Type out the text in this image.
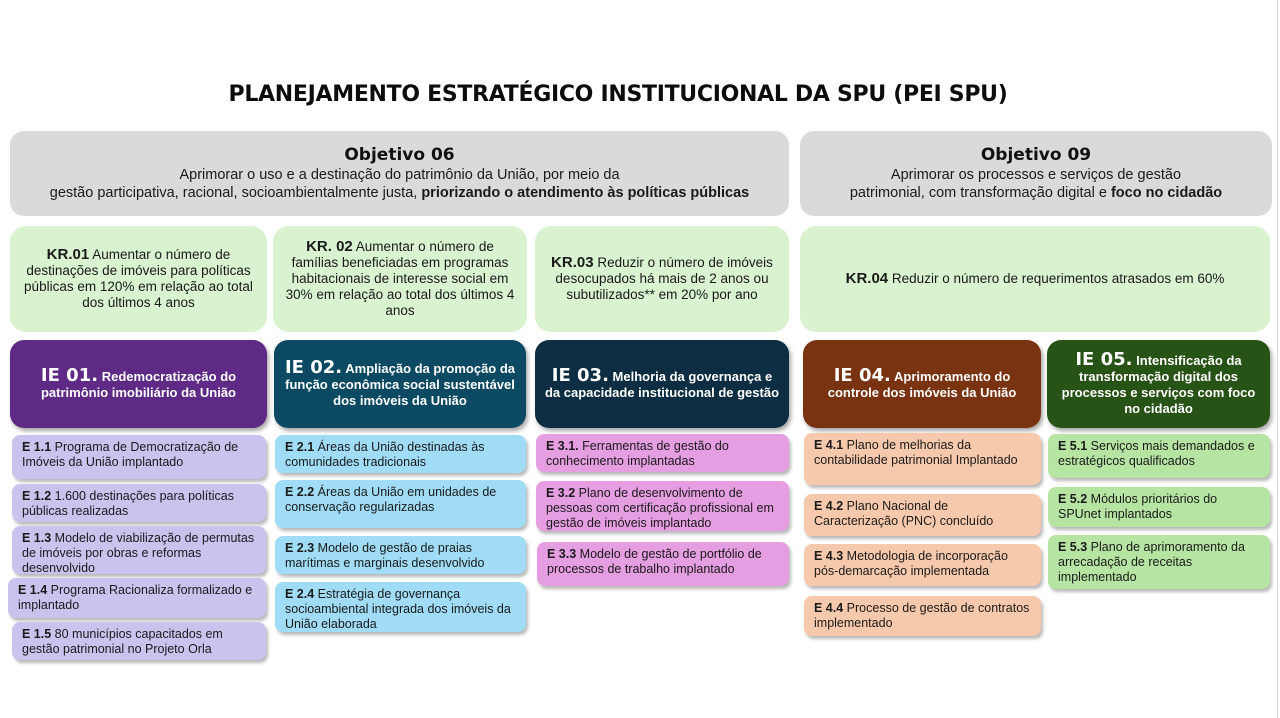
PLANEJAMENTO ESTRATÉGICO INSTITUCIONAL DA SPU (PEI SPU)
Objetivo 06
Aprimorar o uso e a destinação do patrimônio da União, por meio da
gestão participativa, racional, socioambientalmente justa, priorizando o atendimento às políticas públicas
Objetivo 09
Aprimorar os processos e serviços de gestão
patrimonial, com transformação digital e foco no cidadão
KR.01 Aumentar o número de destinações de imóveis para políticas públicas em 120% em relação ao total dos últimos 4 anos
KR. 02 Aumentar o número de famílias beneficiadas em programas habitacionais de interesse social em 30% em relação ao total dos últimos 4 anos
KR.03 Reduzir o número de imóveis desocupados há mais de 2 anos ou subutilizados** em 20% por ano
KR.04 Reduzir o número de requerimentos atrasados em 60%
IE 01. Redemocratização do patrimônio imobiliário da União
IE 02. Ampliação da promoção da função econômica social sustentável dos imóveis da União
IE 03. Melhoria da governança e da capacidade institucional de gestão
IE 04. Aprimoramento do controle dos imóveis da União
IE 05. Intensificação da transformação digital dos processos e serviços com foco no cidadão
E 1.1 Programa de Democratização de Imóveis da União implantado
E 1.2 1.600 destinações para políticas públicas realizadas
E 1.3 Modelo de viabilização de permutas de imóveis por obras e reformas desenvolvido
E 1.4 Programa Racionaliza formalizado e implantado
E 1.5 80 municípios capacitados em gestão patrimonial no Projeto Orla
E 2.1 Áreas da União destinadas às comunidades tradicionais
E 2.2 Áreas da União em unidades de conservação regularizadas
E 2.3 Modelo de gestão de praias marítimas e marginais desenvolvido
E 2.4 Estratégia de governança socioambiental integrada dos imóveis da União elaborada
E 3.1. Ferramentas de gestão do conhecimento implantadas
E 3.2 Plano de desenvolvimento de pessoas com certificação profissional em gestão de imóveis implantado
E 3.3 Modelo de gestão de portfólio de processos de trabalho implantado
E 4.1 Plano de melhorias da contabilidade patrimonial Implantado
E 4.2 Plano Nacional de Caracterização (PNC) concluído
E 4.3 Metodologia de incorporação pós-demarcação implementada
E 4.4 Processo de gestão de contratos implementado
E 5.1 Serviços mais demandados e estratégicos qualificados
E 5.2 Módulos prioritários do SPUnet implantados
E 5.3 Plano de aprimoramento da arrecadação de receitas implementado
